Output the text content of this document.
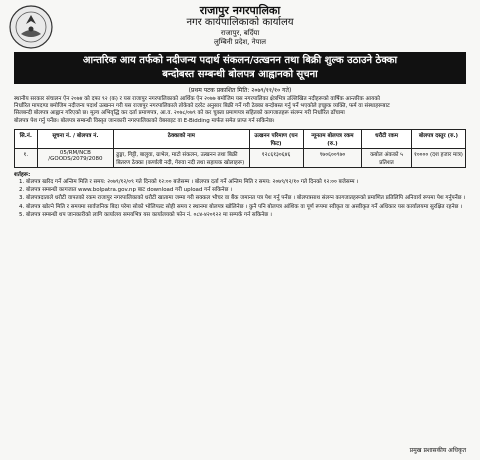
राजापुर नगरपालिका
नगर कार्यपालिकाको कार्यालय
राजापुर, बर्दिया
लुम्बिनी प्रदेश, नेपाल
आन्तरिक आय तर्फको नदीजन्य पदार्थ संकलन/उत्खनन तथा बिक्री शुल्क उठाउने ठेक्का
बन्दोबस्त सम्बन्धी बोलपत्र आह्वानको सूचना
(प्रथम पटक प्रकाशित मिति: २०७९/११/१० गते)
स्थानीय सरकार संचालन ऐन २०७४ को दफा ९२ (क) र यस राजापुर नगरपालिकाको आर्थिक ऐन २०७७ बमोजिम यस नगरपालिका क्षेत्रभित्र उल्लिखित नदीहरूको वार्षिक आन्तरिक आयको
निर्धारित मापदण्ड बमोजिम नदीजन्य पदार्थ उत्खनन गरी यस राजापुर नगरपालिकाले तोकेको दररेट अनुसार बिक्री गर्ने गरी ठेक्का बन्दोबस्त गर्नु पर्ने भएकोले इच्छुक व्यक्ति, फर्म वा संस्थाहरूबाट
सिलबन्दी बोलपत्र आह्वान गरिएको छ। मूल्य अभिवृद्धि कर दर्ता प्रमाणपत्र, आ.व. २०७८/०७९ को कर चुक्ता प्रमाणपत्र सहितको कागजातहरू संलग्न गरी निर्धारित ढाँचामा
बोलपत्र पेश गर्नु पर्नेछ। बोलपत्र सम्बन्धी विस्तृत जानकारी नगरपालिकाको वेबसाइट वा E-Bidding मार्फत समेत प्राप्त गर्न सकिनेछ।
सि.नं.	सूचना नं. / बोलपत्र नं.	ठेक्काको नाम	उत्खनन परिमाण (घन फिट)	न्यूनतम बोलपत्र रकम (रु.)	धरौटी रकम	बोलपत्र दस्तुर (रु.)
१.	05/RM/NCB /GOODS/2079/2080	ढुङ्गा, गिट्टी, बालुवा, ग्राभेल, माटो संकलन, उत्खनन तथा बिक्री बितरण ठेक्का (कर्णाली नदी, गेरुवा नदी तथा सहायक खोलाहरू)	१२८६१३०६४६	९७०६००९७०	कबोल अंकको ५ प्रतिशत	१०००० (दश हजार मात्र)
शर्तहरू:
1. बोलपत्र खरिद गर्ने अन्तिम मिति र समय: २०७९/१२/०९ गते दिनको १२:०० बजेसम्म । बोलपत्र दर्ता गर्ने अन्तिम मिति र समय: २०७९/१२/१० गते दिनको १२:०० बजेसम्म ।
2. बोलपत्र सम्बन्धी कागजात www.bolpatra.gov.np बाट download गरी upload गर्न सकिनेछ ।
3. बोलपत्रदाताले धरौटी वापतको रकम राजापुर नगरपालिकाको धरौटी खातामा जम्मा गरी सक्कल भौचर वा बैंक जमानत पत्र पेश गर्नु पर्नेछ । बोलपत्रसाथ संलग्न कागजातहरूको प्रमाणित प्रतिलिपि अनिवार्य रूपमा पेश गर्नुपर्नेछ ।
4. बोलपत्र खोल्ने मिति र समयमा सार्वजनिक बिदा परेमा सोको भोलिपल्ट सोही समय र स्थानमा बोलपत्र खोलिनेछ । कुनै पनि बोलपत्र आंशिक वा पूर्ण रूपमा स्वीकृत वा अस्वीकृत गर्ने अधिकार यस कार्यालयमा सुरक्षित रहनेछ ।
5. बोलपत्र सम्बन्धी थप जानकारीको लागि कार्यालय समयभित्र यस कार्यालयको फोन नं. ०८४-४२०१२२ मा सम्पर्क गर्न सकिनेछ ।
प्रमुख प्रशासकीय अधिकृत
